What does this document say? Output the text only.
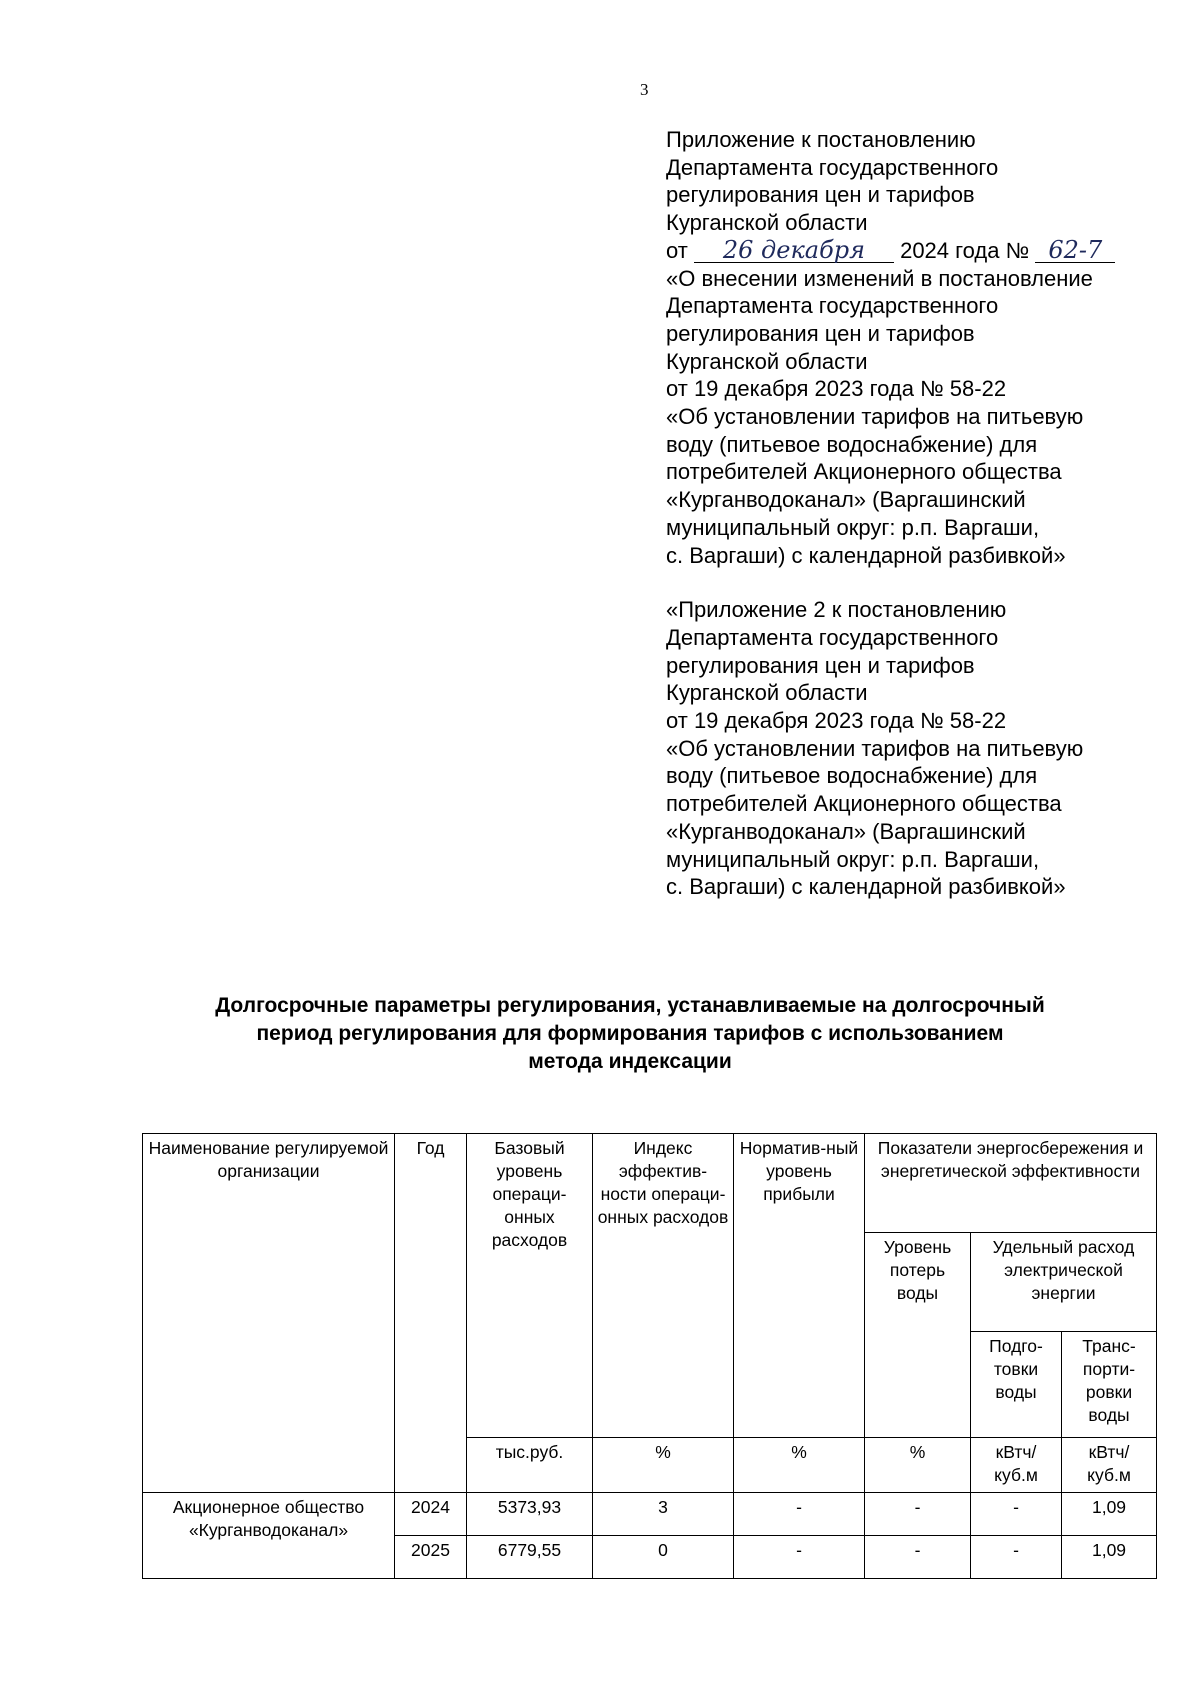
3
Приложение к постановлению
Департамента государственного
регулирования цен и тарифов
Курганской области
от 26 декабря 2024 года № 62-7
«О внесении изменений в постановление
Департамента государственного
регулирования цен и тарифов
Курганской области
от 19 декабря 2023 года № 58-22
«Об установлении тарифов на питьевую
воду (питьевое водоснабжение) для
потребителей Акционерного общества
«Курганводоканал» (Варгашинский
муниципальный округ: р.п. Варгаши,
с. Варгаши) с календарной разбивкой»
«Приложение 2 к постановлению
Департамента государственного
регулирования цен и тарифов
Курганской области
от 19 декабря 2023 года № 58-22
«Об установлении тарифов на питьевую
воду (питьевое водоснабжение) для
потребителей Акционерного общества
«Курганводоканал» (Варгашинский
муниципальный округ: р.п. Варгаши,
с. Варгаши) с календарной разбивкой»
Долгосрочные параметры регулирования, устанавливаемые на долгосрочный
период регулирования для формирования тарифов с использованием
метода индексации
Наименование регулируемой организации	Год	Базовый уровень операци-онных расходов	Индекс эффектив-ности операци-онных расходов	Норматив-ный уровень прибыли	Показатели энергосбережения и энергетической эффективности		
					Уровень потерь воды	Удельный расход электрической энергии	
						Подго-товки воды	Транс-порти-ровки воды
		тыс.руб.	%	%	%	кВтч/ куб.м	кВтч/ куб.м
Акционерное общество «Курганводоканал»	2024	5373,93	3	-	-	-	1,09
	2025	6779,55	0	-	-	-	1,09
